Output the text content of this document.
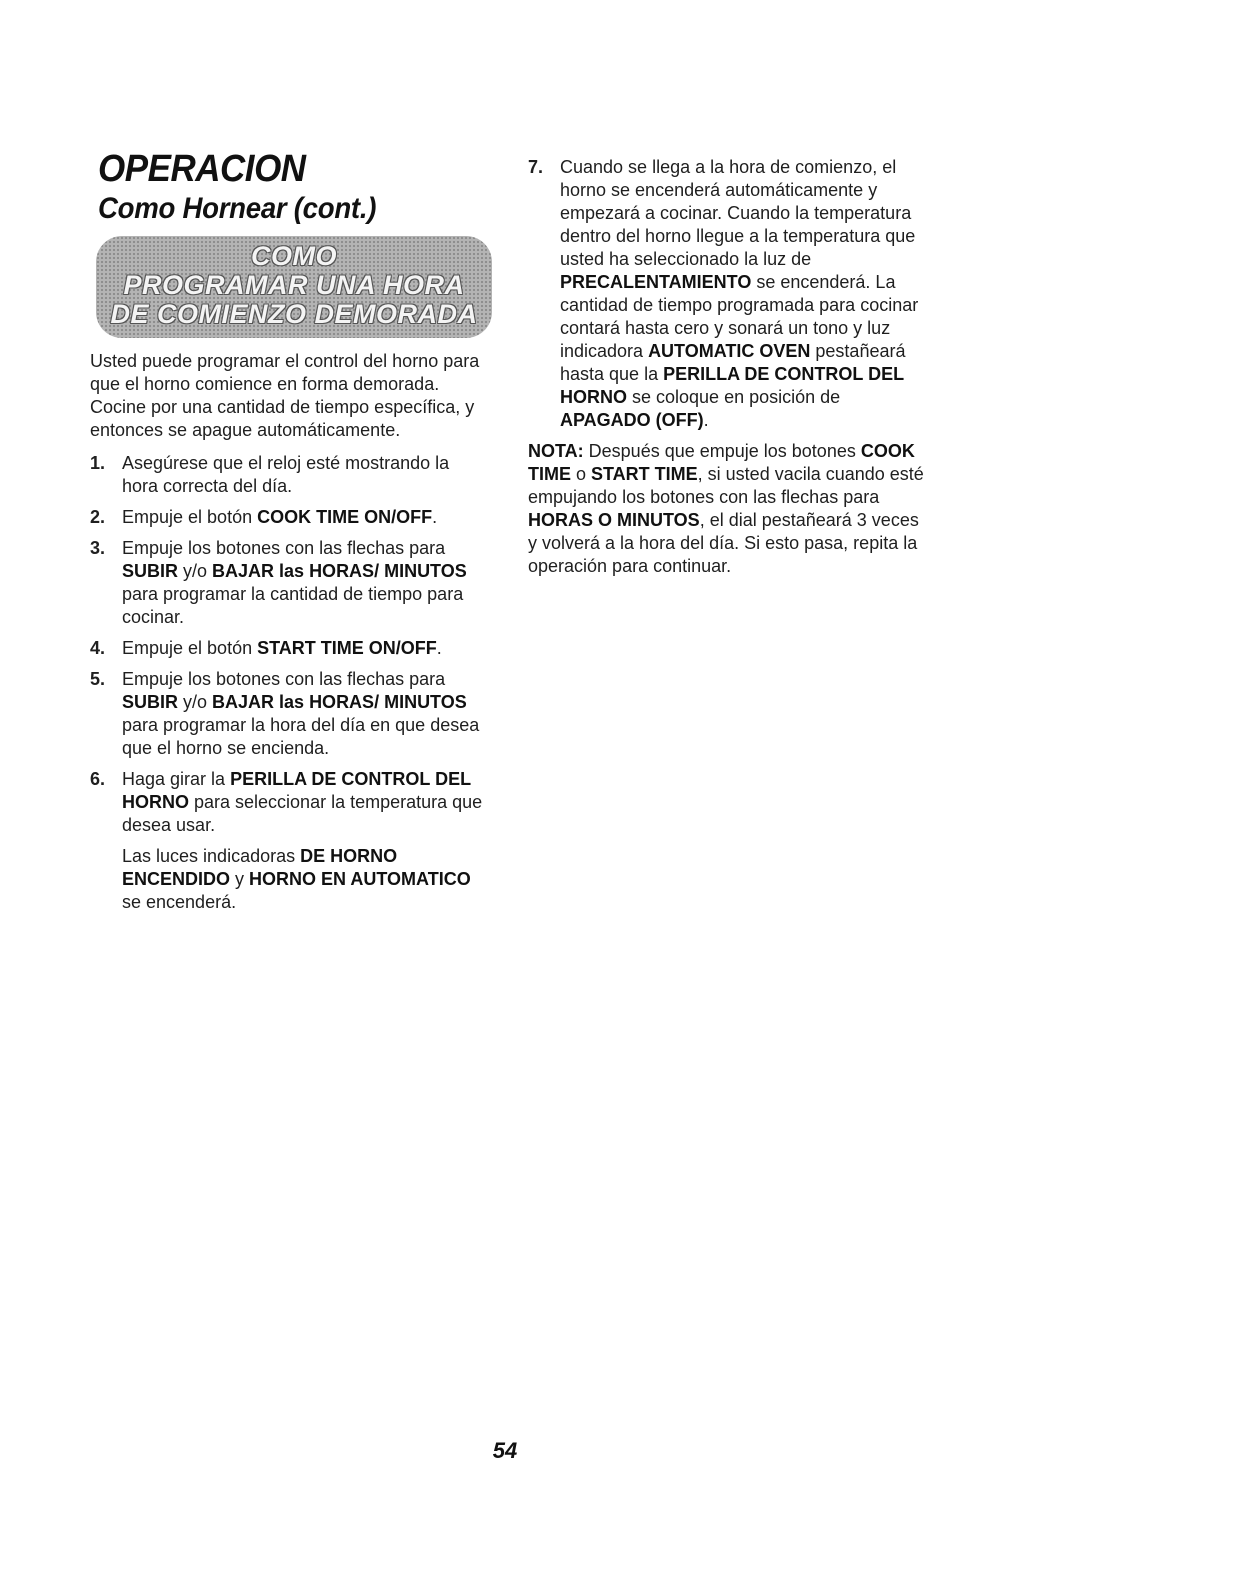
OPERACION
Como Hornear (cont.)
COMO
PROGRAMAR UNA HORA
DE COMIENZO DEMORADA

Usted puede programar el control del horno para que el horno comience en forma demorada. Cocine por una cantidad de tiempo específica, y entonces se apague automáticamente.

1. Asegúrese que el reloj esté mostrando la hora correcta del día.
2. Empuje el botón COOK TIME ON/OFF.
3. Empuje los botones con las flechas para SUBIR y/o BAJAR las HORAS/ MINUTOS para programar la cantidad de tiempo para cocinar.
4. Empuje el botón START TIME ON/OFF.
5. Empuje los botones con las flechas para SUBIR y/o BAJAR las HORAS/ MINUTOS para programar la hora del día en que desea que el horno se encienda.
6. Haga girar la PERILLA DE CONTROL DEL HORNO para seleccionar la temperatura que desea usar.

Las luces indicadoras DE HORNO ENCENDIDO y HORNO EN AUTOMATICO se encenderá.

7. Cuando se llega a la hora de comienzo, el horno se encenderá automáticamente y empezará a cocinar. Cuando la temperatura dentro del horno llegue a la temperatura que usted ha seleccionado la luz de PRECALENTAMIENTO se encenderá. La cantidad de tiempo programada para cocinar contará hasta cero y sonará un tono y luz indicadora AUTOMATIC OVEN pestañeará hasta que la PERILLA DE CONTROL DEL HORNO se coloque en posición de APAGADO (OFF).
NOTA: Después que empuje los botones COOK TIME o START TIME, si usted vacila cuando esté empujando los botones con las flechas para HORAS O MINUTOS, el dial pestañeará 3 veces y volverá a la hora del día. Si esto pasa, repita la operación para continuar.
54
